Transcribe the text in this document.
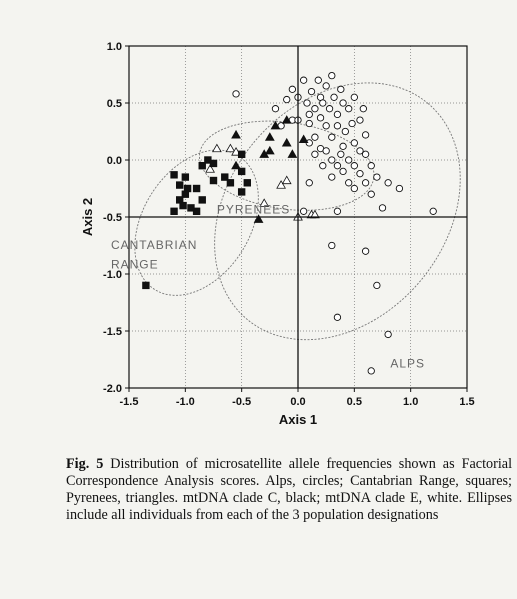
-1.5	-1.0	-0.5	0.0	0.5	1.0	1.5
1.0
0.5
0.0
-0.5
-1.0
-1.5
-2.0
Axis 1
Axis 2	PYRENEES
CANTABRIAN
RANGE
ALPS
Fig. 5 Distribution of microsatellite allele frequencies shown as Factorial Correspondence Analysis scores. Alps, circles; Cantabrian Range, squares; Pyrenees, triangles. mtDNA clade C, black; mtDNA clade E, white. Ellipses include all individuals from each of the 3 population designations
